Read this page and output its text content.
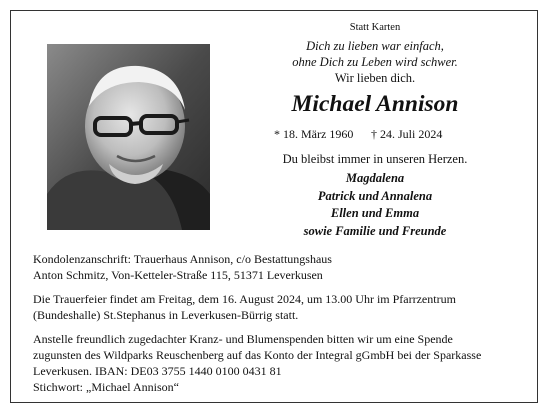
Statt Karten
Dich zu lieben war einfach,
ohne Dich zu Leben wird schwer.
Wir lieben dich.
Michael Annison
* 18. März 1960 † 24. Juli 2024
Du bleibst immer in unseren Herzen.
Magdalena
Patrick und Annalena
Ellen und Emma
sowie Familie und Freunde
Kondolenzanschrift: Trauerhaus Annison, c/o Bestattungshaus
Anton Schmitz, Von-Ketteler-Straße 115, 51371 Leverkusen
Die Trauerfeier findet am Freitag, dem 16. August 2024, um 13.00 Uhr im Pfarrzentrum
(Bundeshalle) St.Stephanus in Leverkusen-Bürrig statt.
Anstelle freundlich zugedachter Kranz- und Blumenspenden bitten wir um eine Spende
zugunsten des Wildparks Reuschenberg auf das Konto der Integral gGmbH bei der Sparkasse
Leverkusen. IBAN: DE03 3755 1440 0100 0431 81
Stichwort: „Michael Annison“
